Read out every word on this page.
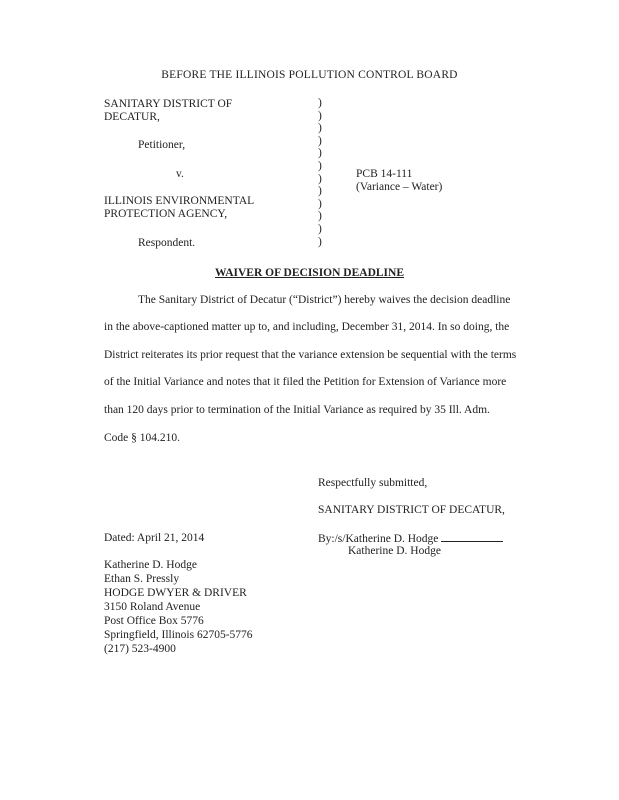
BEFORE THE ILLINOIS POLLUTION CONTROL BOARD
SANITARY DISTRICT OF
DECATUR,
Petitioner,
v.
ILLINOIS ENVIRONMENTAL
PROTECTION AGENCY,
Respondent.
)
)
)
)
)
)
)
)
)
)
)
)
PCB 14-111
(Variance – Water)
WAIVER OF DECISION DEADLINE
The Sanitary District of Decatur (“District”) hereby waives the decision deadline
in the above-captioned matter up to, and including, December 31, 2014. In so doing, the
District reiterates its prior request that the variance extension be sequential with the terms
of the Initial Variance and notes that it filed the Petition for Extension of Variance more
than 120 days prior to termination of the Initial Variance as required by 35 Ill. Adm.
Code § 104.210.
Respectfully submitted,
SANITARY DISTRICT OF DECATUR,
Dated: April 21, 2014	By:/s/Katherine D. Hodge
Katherine D. Hodge
Katherine D. Hodge
Ethan S. Pressly
HODGE DWYER & DRIVER
3150 Roland Avenue
Post Office Box 5776
Springfield, Illinois 62705-5776
(217) 523-4900
